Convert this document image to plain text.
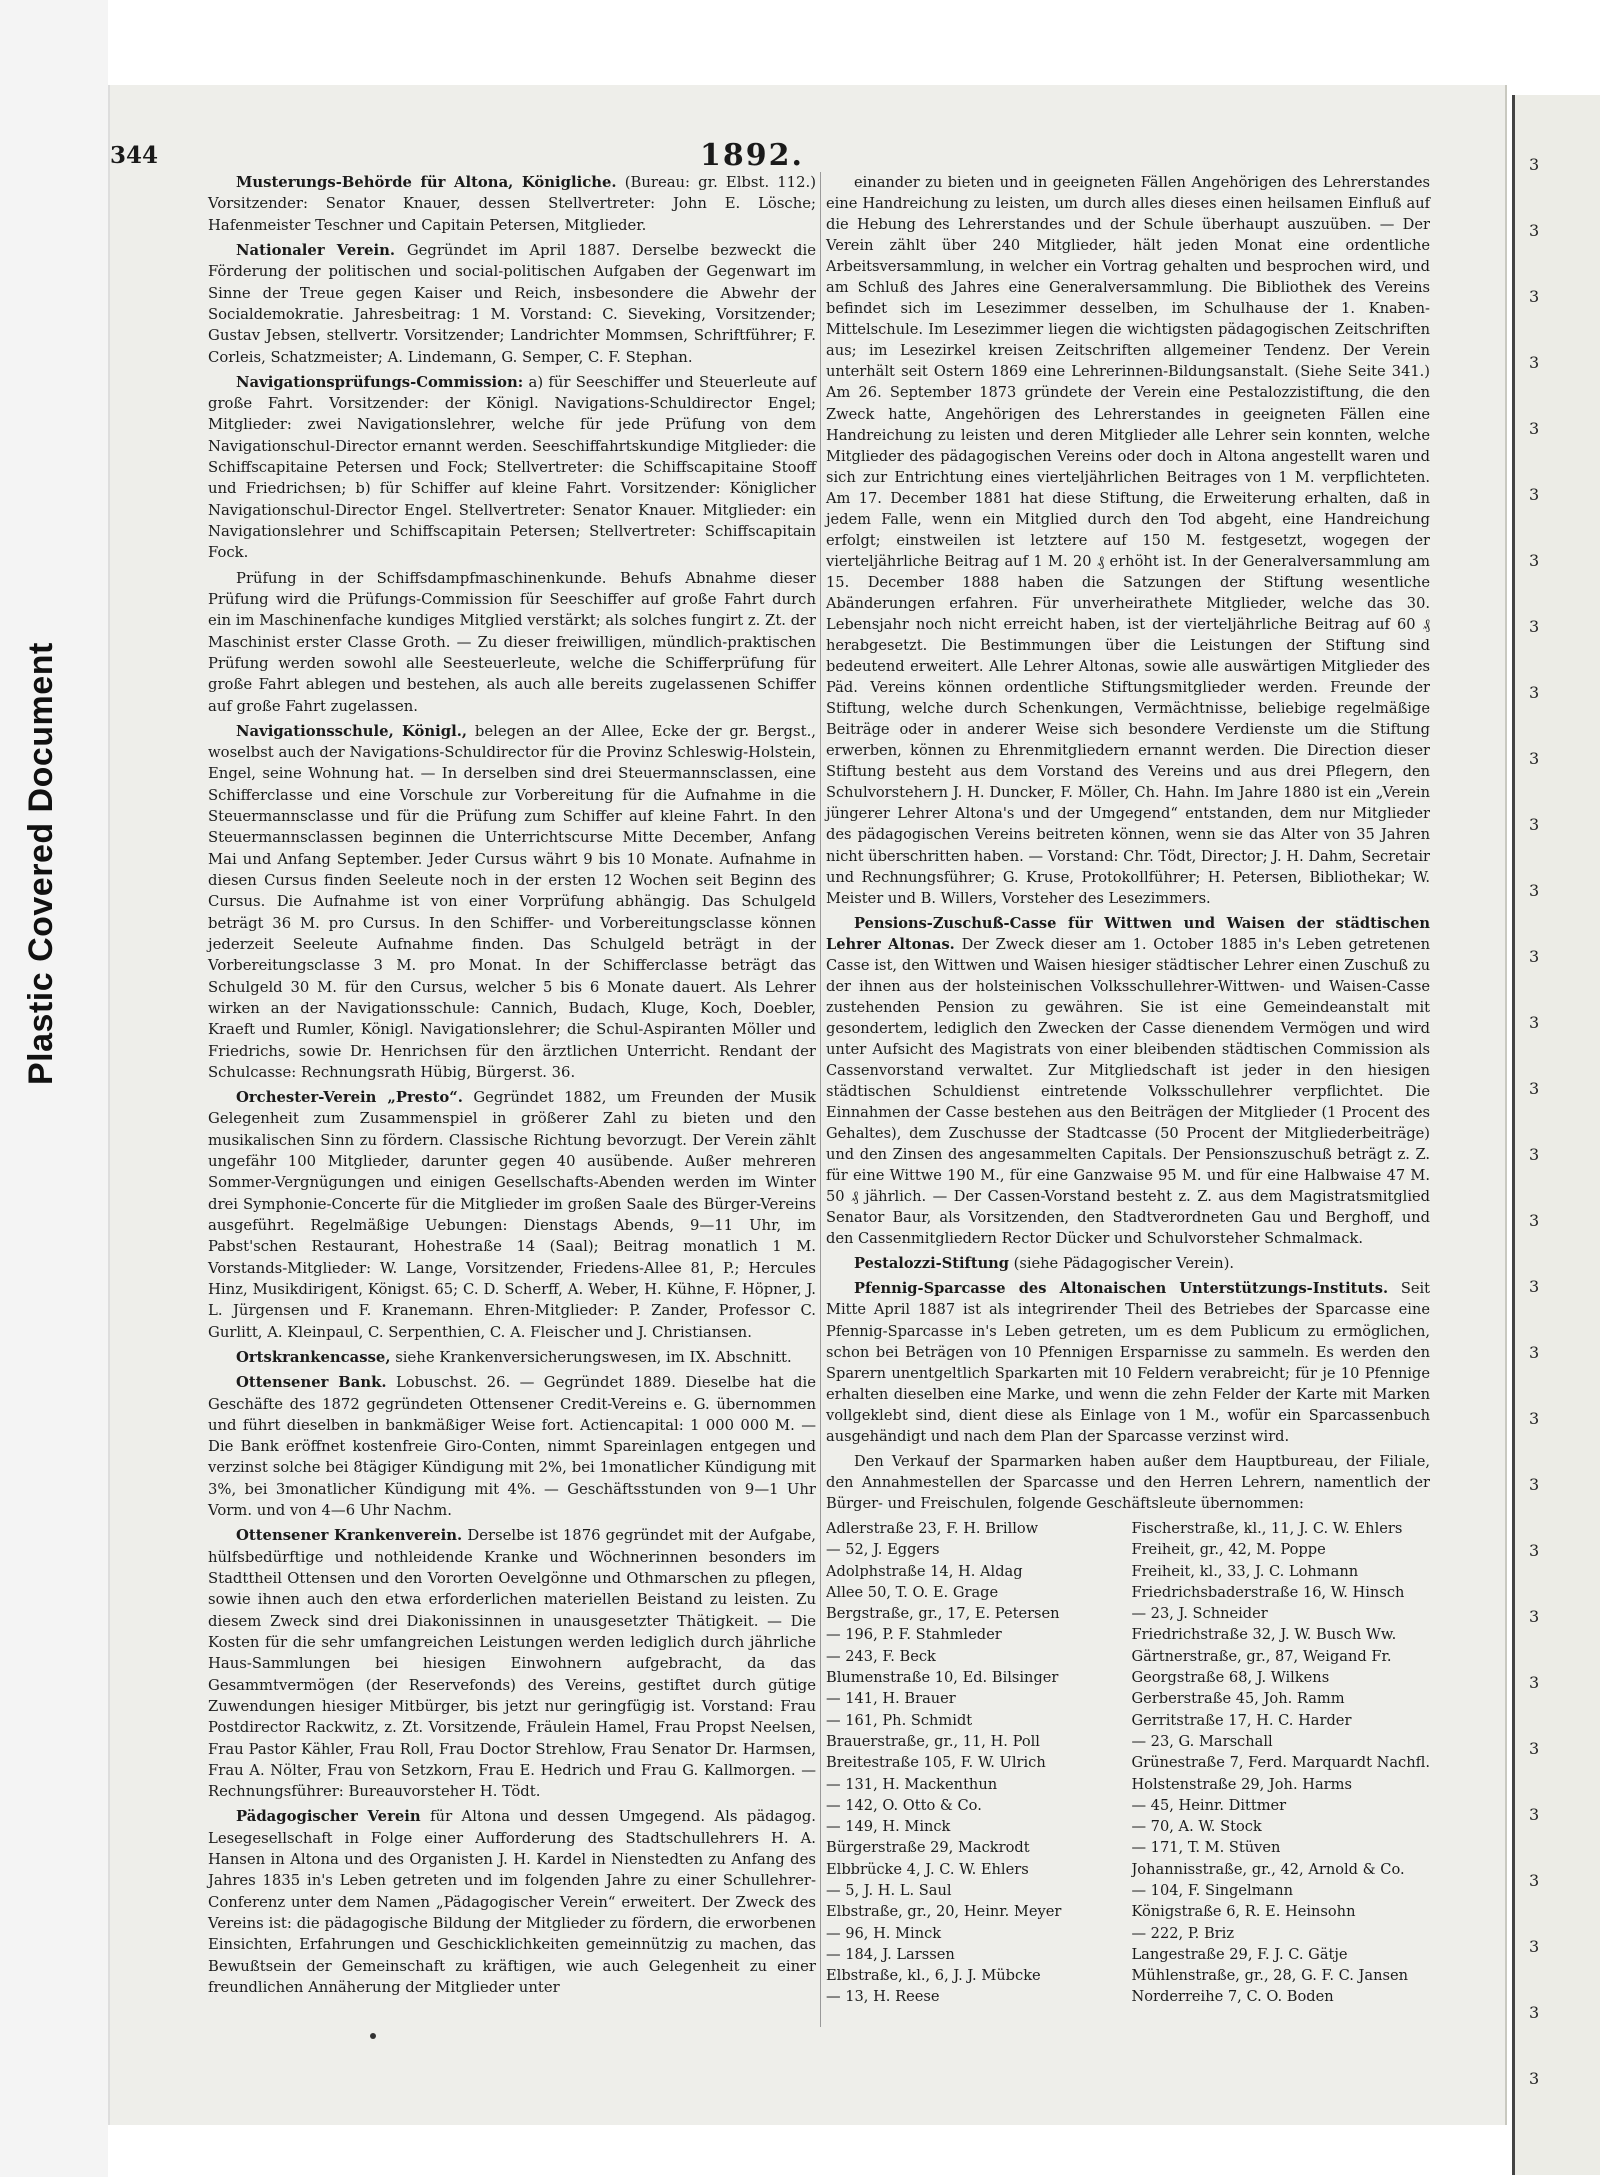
Plastic Covered Document
3
3
3
3
3
3
3
3
3
3
3
3
3
3
3
3
3
3
3
3
3
3
3
3
3
3
3
3
3
3
344	1892.

Musterungs-Behörde für Altona, Königliche. (Bureau: gr. Elbst. 112.) Vorsitzender: Senator Knauer, dessen Stellvertreter: John E. Lösche; Hafenmeister Teschner und Capitain Petersen, Mitglieder.

Nationaler Verein. Gegründet im April 1887. Derselbe bezweckt die Förderung der politischen und social-politischen Aufgaben der Gegenwart im Sinne der Treue gegen Kaiser und Reich, insbesondere die Abwehr der Socialdemokratie. Jahresbeitrag: 1 M. Vorstand: C. Sieveking, Vorsitzender; Gustav Jebsen, stellvertr. Vorsitzender; Landrichter Mommsen, Schriftführer; F. Corleis, Schatzmeister; A. Lindemann, G. Semper, C. F. Stephan.

Navigationsprüfungs-Commission: a) für Seeschiffer und Steuerleute auf große Fahrt. Vorsitzender: der Königl. Navigations-Schuldirector Engel; Mitglieder: zwei Navigationslehrer, welche für jede Prüfung von dem Navigationschul-Director ernannt werden. Seeschiffahrtskundige Mitglieder: die Schiffscapitaine Petersen und Fock; Stellvertreter: die Schiffscapitaine Stooff und Friedrichsen; b) für Schiffer auf kleine Fahrt. Vorsitzender: Königlicher Navigationschul-Director Engel. Stellvertreter: Senator Knauer. Mitglieder: ein Navigationslehrer und Schiffscapitain Petersen; Stellvertreter: Schiffscapitain Fock.

Prüfung in der Schiffsdampfmaschinenkunde. Behufs Abnahme dieser Prüfung wird die Prüfungs-Commission für Seeschiffer auf große Fahrt durch ein im Maschinenfache kundiges Mitglied verstärkt; als solches fungirt z. Zt. der Maschinist erster Classe Groth. — Zu dieser freiwilligen, mündlich-praktischen Prüfung werden sowohl alle Seesteuerleute, welche die Schifferprüfung für große Fahrt ablegen und bestehen, als auch alle bereits zugelassenen Schiffer auf große Fahrt zugelassen.

Navigationsschule, Königl., belegen an der Allee, Ecke der gr. Bergst., woselbst auch der Navigations-Schuldirector für die Provinz Schleswig-Holstein, Engel, seine Wohnung hat. — In derselben sind drei Steuermannsclassen, eine Schifferclasse und eine Vorschule zur Vorbereitung für die Aufnahme in die Steuermannsclasse und für die Prüfung zum Schiffer auf kleine Fahrt. In den Steuermannsclassen beginnen die Unterrichtscurse Mitte December, Anfang Mai und Anfang September. Jeder Cursus währt 9 bis 10 Monate. Aufnahme in diesen Cursus finden Seeleute noch in der ersten 12 Wochen seit Beginn des Cursus. Die Aufnahme ist von einer Vorprüfung abhängig. Das Schulgeld beträgt 36 M. pro Cursus. In den Schiffer- und Vorbereitungsclasse können jederzeit Seeleute Aufnahme finden. Das Schulgeld beträgt in der Vorbereitungsclasse 3 M. pro Monat. In der Schifferclasse beträgt das Schulgeld 30 M. für den Cursus, welcher 5 bis 6 Monate dauert. Als Lehrer wirken an der Navigationsschule: Cannich, Budach, Kluge, Koch, Doebler, Kraeft und Rumler, Königl. Navigationslehrer; die Schul-Aspiranten Möller und Friedrichs, sowie Dr. Henrichsen für den ärztlichen Unterricht. Rendant der Schulcasse: Rechnungsrath Hübig, Bürgerst. 36.

Orchester-Verein „Presto“. Gegründet 1882, um Freunden der Musik Gelegenheit zum Zusammenspiel in größerer Zahl zu bieten und den musikalischen Sinn zu fördern. Classische Richtung bevorzugt. Der Verein zählt ungefähr 100 Mitglieder, darunter gegen 40 ausübende. Außer mehreren Sommer-Vergnügungen und einigen Gesellschafts-Abenden werden im Winter drei Symphonie-Concerte für die Mitglieder im großen Saale des Bürger-Vereins ausgeführt. Regelmäßige Uebungen: Dienstags Abends, 9—11 Uhr, im Pabst'schen Restaurant, Hohestraße 14 (Saal); Beitrag monatlich 1 M. Vorstands-Mitglieder: W. Lange, Vorsitzender, Friedens-Allee 81, P.; Hercules Hinz, Musikdirigent, Königst. 65; C. D. Scherff, A. Weber, H. Kühne, F. Höpner, J. L. Jürgensen und F. Kranemann. Ehren-Mitglieder: P. Zander, Professor C. Gurlitt, A. Kleinpaul, C. Serpenthien, C. A. Fleischer und J. Christiansen.

Ortskrankencasse, siehe Krankenversicherungswesen, im IX. Abschnitt.

Ottensener Bank. Lobuschst. 26. — Gegründet 1889. Dieselbe hat die Geschäfte des 1872 gegründeten Ottensener Credit-Vereins e. G. übernommen und führt dieselben in bankmäßiger Weise fort. Actiencapital: 1 000 000 M. — Die Bank eröffnet kostenfreie Giro-Conten, nimmt Spareinlagen entgegen und verzinst solche bei 8tägiger Kündigung mit 2%, bei 1monatlicher Kündigung mit 3%, bei 3monatlicher Kündigung mit 4%. — Geschäftsstunden von 9—1 Uhr Vorm. und von 4—6 Uhr Nachm.

Ottensener Krankenverein. Derselbe ist 1876 gegründet mit der Aufgabe, hülfsbedürftige und nothleidende Kranke und Wöchnerinnen besonders im Stadttheil Ottensen und den Vororten Oevelgönne und Othmarschen zu pflegen, sowie ihnen auch den etwa erforderlichen materiellen Beistand zu leisten. Zu diesem Zweck sind drei Diakonissinnen in unausgesetzter Thätigkeit. — Die Kosten für die sehr umfangreichen Leistungen werden lediglich durch jährliche Haus-Sammlungen bei hiesigen Einwohnern aufgebracht, da das Gesammtvermögen (der Reservefonds) des Vereins, gestiftet durch gütige Zuwendungen hiesiger Mitbürger, bis jetzt nur geringfügig ist. Vorstand: Frau Postdirector Rackwitz, z. Zt. Vorsitzende, Fräulein Hamel, Frau Propst Neelsen, Frau Pastor Kähler, Frau Roll, Frau Doctor Strehlow, Frau Senator Dr. Harmsen, Frau A. Nölter, Frau von Setzkorn, Frau E. Hedrich und Frau G. Kallmorgen. — Rechnungsführer: Bureauvorsteher H. Tödt.

Pädagogischer Verein für Altona und dessen Umgegend. Als pädagog. Lesegesellschaft in Folge einer Aufforderung des Stadtschullehrers H. A. Hansen in Altona und des Organisten J. H. Kardel in Nienstedten zu Anfang des Jahres 1835 in's Leben getreten und im folgenden Jahre zu einer Schullehrer-Conferenz unter dem Namen „Pädagogischer Verein“ erweitert. Der Zweck des Vereins ist: die pädagogische Bildung der Mitglieder zu fördern, die erworbenen Einsichten, Erfahrungen und Geschicklichkeiten gemeinnützig zu machen, das Bewußtsein der Gemeinschaft zu kräftigen, wie auch Gelegenheit zu einer freundlichen Annäherung der Mitglieder unter

einander zu bieten und in geeigneten Fällen Angehörigen des Lehrerstandes eine Handreichung zu leisten, um durch alles dieses einen heilsamen Einfluß auf die Hebung des Lehrerstandes und der Schule überhaupt auszuüben. — Der Verein zählt über 240 Mitglieder, hält jeden Monat eine ordentliche Arbeitsversammlung, in welcher ein Vortrag gehalten und besprochen wird, und am Schluß des Jahres eine Generalversammlung. Die Bibliothek des Vereins befindet sich im Lesezimmer desselben, im Schulhause der 1. Knaben-Mittelschule. Im Lesezimmer liegen die wichtigsten pädagogischen Zeitschriften aus; im Lesezirkel kreisen Zeitschriften allgemeiner Tendenz. Der Verein unterhält seit Ostern 1869 eine Lehrerinnen-Bildungsanstalt. (Siehe Seite 341.) Am 26. September 1873 gründete der Verein eine Pestalozzistiftung, die den Zweck hatte, Angehörigen des Lehrerstandes in geeigneten Fällen eine Handreichung zu leisten und deren Mitglieder alle Lehrer sein konnten, welche Mitglieder des pädagogischen Vereins oder doch in Altona angestellt waren und sich zur Entrichtung eines vierteljährlichen Beitrages von 1 M. verpflichteten. Am 17. December 1881 hat diese Stiftung, die Erweiterung erhalten, daß in jedem Falle, wenn ein Mitglied durch den Tod abgeht, eine Handreichung erfolgt; einstweilen ist letztere auf 150 M. festgesetzt, wogegen der vierteljährliche Beitrag auf 1 M. 20 ₰ erhöht ist. In der Generalversammlung am 15. December 1888 haben die Satzungen der Stiftung wesentliche Abänderungen erfahren. Für unverheirathete Mitglieder, welche das 30. Lebensjahr noch nicht erreicht haben, ist der vierteljährliche Beitrag auf 60 ₰ herabgesetzt. Die Bestimmungen über die Leistungen der Stiftung sind bedeutend erweitert. Alle Lehrer Altonas, sowie alle auswärtigen Mitglieder des Päd. Vereins können ordentliche Stiftungsmitglieder werden. Freunde der Stiftung, welche durch Schenkungen, Vermächtnisse, beliebige regelmäßige Beiträge oder in anderer Weise sich besondere Verdienste um die Stiftung erwerben, können zu Ehrenmitgliedern ernannt werden. Die Direction dieser Stiftung besteht aus dem Vorstand des Vereins und aus drei Pflegern, den Schulvorstehern J. H. Duncker, F. Möller, Ch. Hahn. Im Jahre 1880 ist ein „Verein jüngerer Lehrer Altona's und der Umgegend“ entstanden, dem nur Mitglieder des pädagogischen Vereins beitreten können, wenn sie das Alter von 35 Jahren nicht überschritten haben. — Vorstand: Chr. Tödt, Director; J. H. Dahm, Secretair und Rechnungsführer; G. Kruse, Protokollführer; H. Petersen, Bibliothekar; W. Meister und B. Willers, Vorsteher des Lesezimmers.

Pensions-Zuschuß-Casse für Wittwen und Waisen der städtischen Lehrer Altonas. Der Zweck dieser am 1. October 1885 in's Leben getretenen Casse ist, den Wittwen und Waisen hiesiger städtischer Lehrer einen Zuschuß zu der ihnen aus der holsteinischen Volksschullehrer-Wittwen- und Waisen-Casse zustehenden Pension zu gewähren. Sie ist eine Gemeindeanstalt mit gesondertem, lediglich den Zwecken der Casse dienendem Vermögen und wird unter Aufsicht des Magistrats von einer bleibenden städtischen Commission als Cassenvorstand verwaltet. Zur Mitgliedschaft ist jeder in den hiesigen städtischen Schuldienst eintretende Volksschullehrer verpflichtet. Die Einnahmen der Casse bestehen aus den Beiträgen der Mitglieder (1 Procent des Gehaltes), dem Zuschusse der Stadtcasse (50 Procent der Mitgliederbeiträge) und den Zinsen des angesammelten Capitals. Der Pensionszuschuß beträgt z. Z. für eine Wittwe 190 M., für eine Ganzwaise 95 M. und für eine Halbwaise 47 M. 50 ₰ jährlich. — Der Cassen-Vorstand besteht z. Z. aus dem Magistratsmitglied Senator Baur, als Vorsitzenden, den Stadtverordneten Gau und Berghoff, und den Cassenmitgliedern Rector Dücker und Schulvorsteher Schmalmack.

Pestalozzi-Stiftung (siehe Pädagogischer Verein).

Pfennig-Sparcasse des Altonaischen Unterstützungs-Instituts. Seit Mitte April 1887 ist als integrirender Theil des Betriebes der Sparcasse eine Pfennig-Sparcasse in's Leben getreten, um es dem Publicum zu ermöglichen, schon bei Beträgen von 10 Pfennigen Ersparnisse zu sammeln. Es werden den Sparern unentgeltlich Sparkarten mit 10 Feldern verabreicht; für je 10 Pfennige erhalten dieselben eine Marke, und wenn die zehn Felder der Karte mit Marken vollgeklebt sind, dient diese als Einlage von 1 M., wofür ein Sparcassenbuch ausgehändigt und nach dem Plan der Sparcasse verzinst wird.

Den Verkauf der Sparmarken haben außer dem Hauptbureau, der Filiale, den Annahmestellen der Sparcasse und den Herren Lehrern, namentlich der Bürger- und Freischulen, folgende Geschäftsleute übernommen:

Adlerstraße 23, F. H. Brillow
— 52, J. Eggers
Adolphstraße 14, H. Aldag
Allee 50, T. O. E. Grage
Bergstraße, gr., 17, E. Petersen
— 196, P. F. Stahmleder
— 243, F. Beck
Blumenstraße 10, Ed. Bilsinger
— 141, H. Brauer
— 161, Ph. Schmidt
Brauerstraße, gr., 11, H. Poll
Breitestraße 105, F. W. Ulrich
— 131, H. Mackenthun
— 142, O. Otto & Co.
— 149, H. Minck
Bürgerstraße 29, Mackrodt
Elbbrücke 4, J. C. W. Ehlers
— 5, J. H. L. Saul
Elbstraße, gr., 20, Heinr. Meyer
— 96, H. Minck
— 184, J. Larssen
Elbstraße, kl., 6, J. J. Mübcke
— 13, H. Reese
Fischerstraße, kl., 11, J. C. W. Ehlers
Freiheit, gr., 42, M. Poppe
Freiheit, kl., 33, J. C. Lohmann
Friedrichsbaderstraße 16, W. Hinsch
— 23, J. Schneider
Friedrichstraße 32, J. W. Busch Ww.
Gärtnerstraße, gr., 87, Weigand Fr.
Georgstraße 68, J. Wilkens
Gerberstraße 45, Joh. Ramm
Gerritstraße 17, H. C. Harder
— 23, G. Marschall
Grünestraße 7, Ferd. Marquardt Nachfl.
Holstenstraße 29, Joh. Harms
— 45, Heinr. Dittmer
— 70, A. W. Stock
— 171, T. M. Stüven
Johannisstraße, gr., 42, Arnold & Co.
— 104, F. Singelmann
Königstraße 6, R. E. Heinsohn
— 222, P. Briz
Langestraße 29, F. J. C. Gätje
Mühlenstraße, gr., 28, G. F. C. Jansen
Norderreihe 7, C. O. Boden
